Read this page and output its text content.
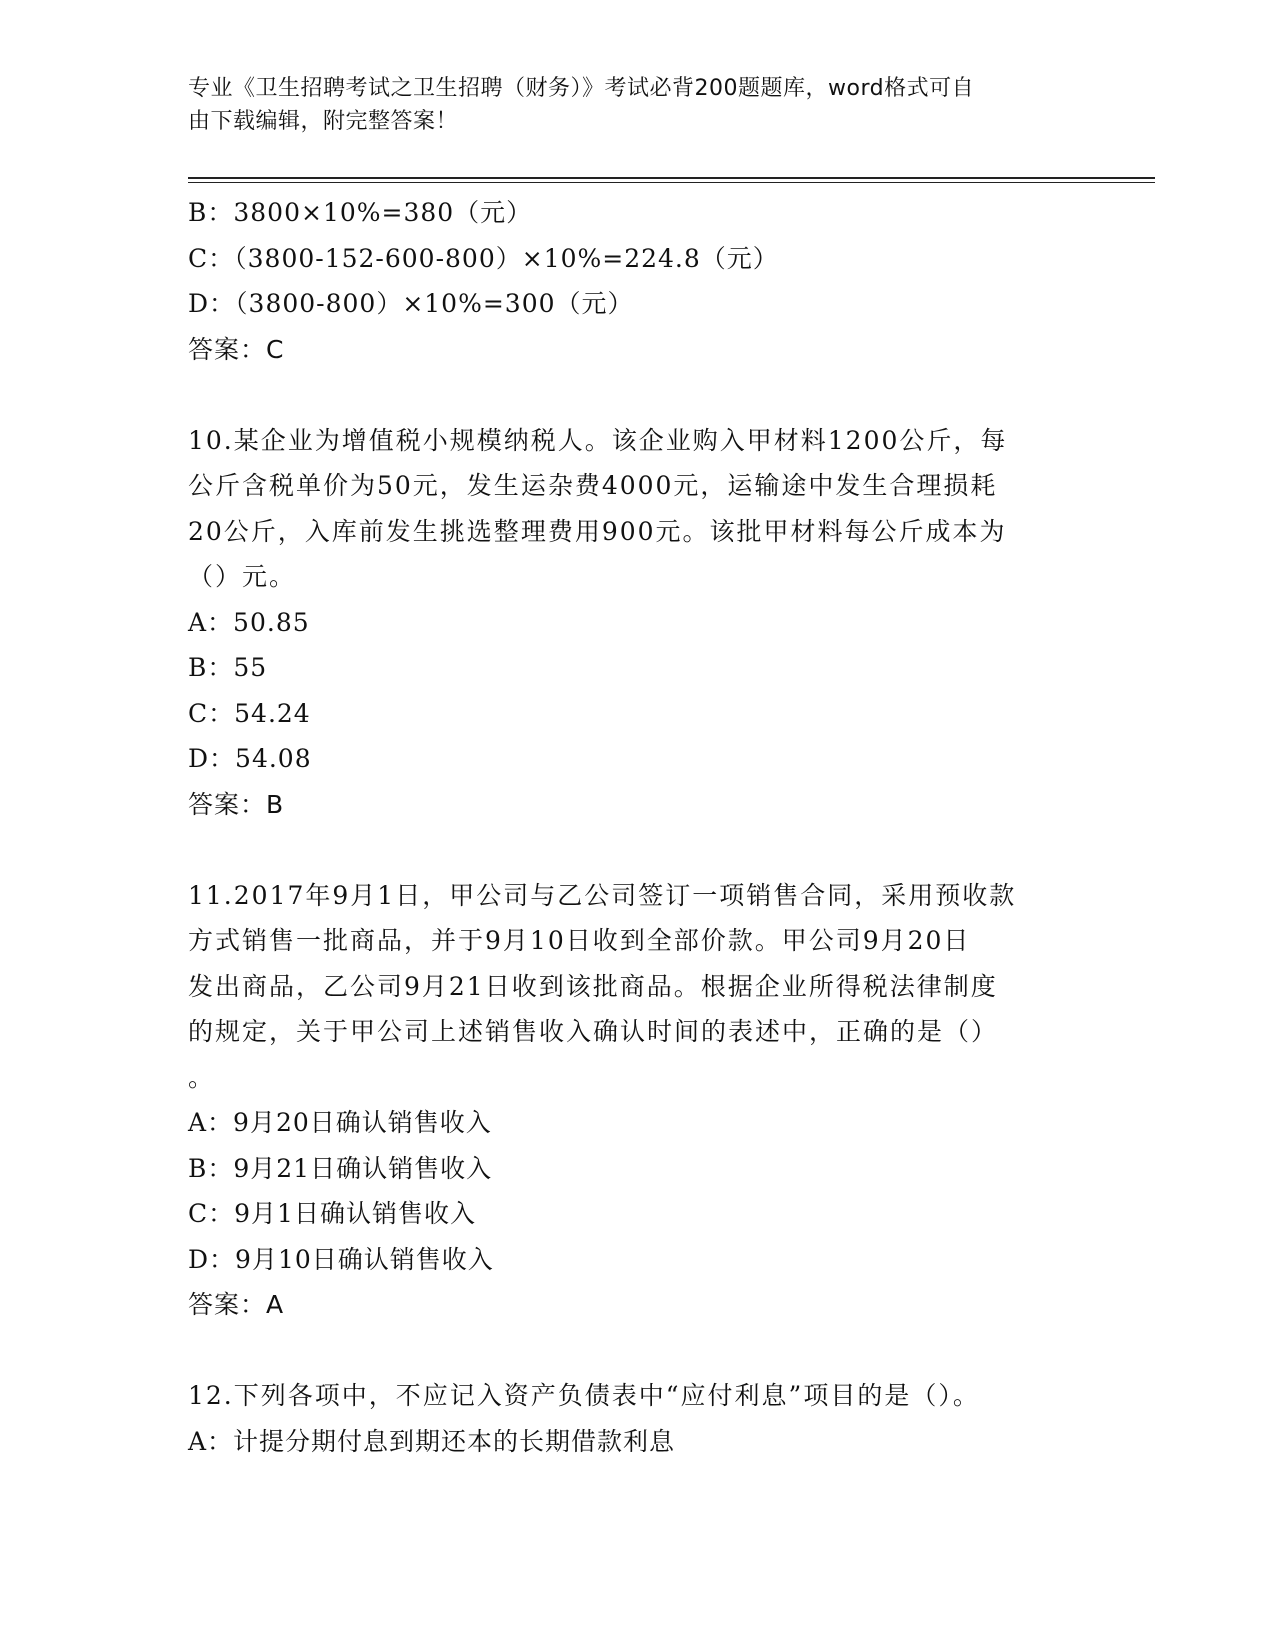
专业《卫生招聘考试之卫生招聘（财务）》考试必背200题题库，word格式可自
由下载编辑，附完整答案！
B：3800×10%=380（元）
C：（3800-152-600-800）×10%=224.8（元）
D：（3800-800）×10%=300（元）
答案：C
10.某企业为增值税小规模纳税人。该企业购入甲材料1200公斤，每
公斤含税单价为50元，发生运杂费4000元，运输途中发生合理损耗
20公斤，入库前发生挑选整理费用900元。该批甲材料每公斤成本为
（）元。
A：50.85
B：55
C：54.24
D：54.08
答案：B
11.2017年9月1日，甲公司与乙公司签订一项销售合同，采用预收款
方式销售一批商品，并于9月10日收到全部价款。甲公司9月20日
发出商品，乙公司9月21日收到该批商品。根据企业所得税法律制度
的规定，关于甲公司上述销售收入确认时间的表述中，正确的是（）
。
A：9月20日确认销售收入
B：9月21日确认销售收入
C：9月1日确认销售收入
D：9月10日确认销售收入
答案：A
12.下列各项中，不应记入资产负债表中“应付利息”项目的是（）。
A：计提分期付息到期还本的长期借款利息
